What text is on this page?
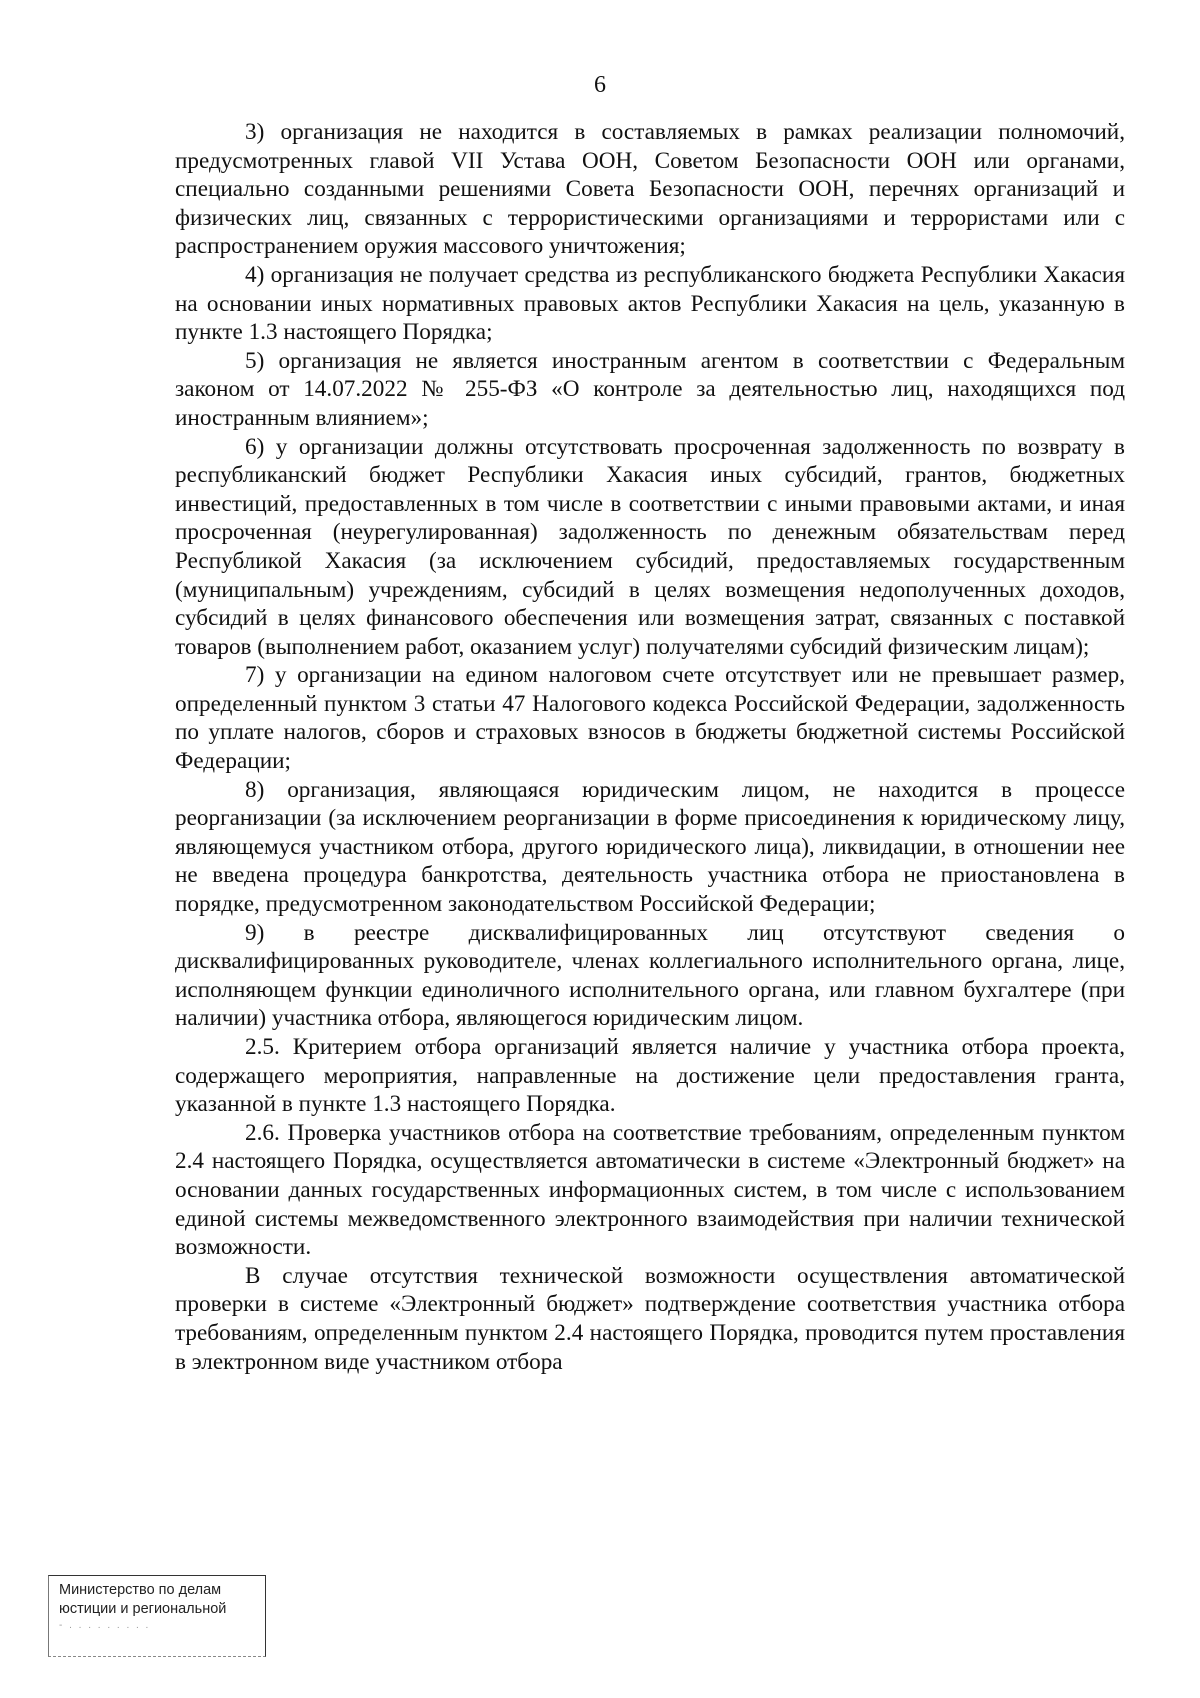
6

3) организация не находится в составляемых в рамках реализации полномочий, предусмотренных главой VII Устава ООН, Советом Безопасности ООН или органами, специально созданными решениями Совета Безопасности ООН, перечнях организаций и физических лиц, связанных с террористическими организациями и террористами или с распространением оружия массового уничтожения;

4) организация не получает средства из республиканского бюджета Республики Хакасия на основании иных нормативных правовых актов Республики Хакасия на цель, указанную в пункте 1.3 настоящего Порядка;

5) организация не является иностранным агентом в соответствии с Федеральным законом от 14.07.2022 № 255-ФЗ «О контроле за деятельностью лиц, находящихся под иностранным влиянием»;

6) у организации должны отсутствовать просроченная задолженность по возврату в республиканский бюджет Республики Хакасия иных субсидий, грантов, бюджетных инвестиций, предоставленных в том числе в соответствии с иными правовыми актами, и иная просроченная (неурегулированная) задолженность по денежным обязательствам перед Республикой Хакасия (за исключением субсидий, предоставляемых государственным (муниципальным) учреждениям, субсидий в целях возмещения недополученных доходов, субсидий в целях финансового обеспечения или возмещения затрат, связанных с поставкой товаров (выполнением работ, оказанием услуг) получателями субсидий физическим лицам);

7) у организации на едином налоговом счете отсутствует или не превышает размер, определенный пунктом 3 статьи 47 Налогового кодекса Российской Федерации, задолженность по уплате налогов, сборов и страховых взносов в бюджеты бюджетной системы Российской Федерации;

8) организация, являющаяся юридическим лицом, не находится в процессе реорганизации (за исключением реорганизации в форме присоединения к юридическому лицу, являющемуся участником отбора, другого юридического лица), ликвидации, в отношении нее не введена процедура банкротства, деятельность участника отбора не приостановлена в порядке, предусмотренном законодательством Российской Федерации;

9) в реестре дисквалифицированных лиц отсутствуют сведения о дисквалифицированных руководителе, членах коллегиального исполнительного органа, лице, исполняющем функции единоличного исполнительного органа, или главном бухгалтере (при наличии) участника отбора, являющегося юридическим лицом.

2.5. Критерием отбора организаций является наличие у участника отбора проекта, содержащего мероприятия, направленные на достижение цели предоставления гранта, указанной в пункте 1.3 настоящего Порядка.

2.6. Проверка участников отбора на соответствие требованиям, определенным пунктом 2.4 настоящего Порядка, осуществляется автоматически в системе «Электронный бюджет» на основании данных государственных информационных систем, в том числе с использованием единой системы межведомственного электронного взаимодействия при наличии технической возможности.

В случае отсутствия технической возможности осуществления автоматической проверки в системе «Электронный бюджет» подтверждение соответствия участника отбора требованиям, определенным пунктом 2.4 настоящего Порядка, проводится путем проставления в электронном виде участником отбора

Министерство по делам
юстиции и региональной
- . . . . . . . . .
